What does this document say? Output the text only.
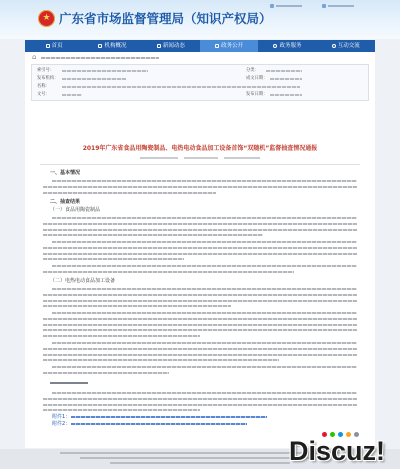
★ 广东省市场监督管理局（知识产权局）
首页	机构概况	新闻动态	政务公开	政务服务	互动交流
⌂
索引号：	分类：
发布机构：	成文日期：
名称：
文号：	发布日期：
2019年广东省食品用陶瓷制品、电热电动食品加工设备首饰“双随机”监督抽查情况通报
一、基本情况
二、抽查结果
（一）食品用陶瓷制品
（二）电热电动食品加工设备
附件1：
附件2：
Discuz!
